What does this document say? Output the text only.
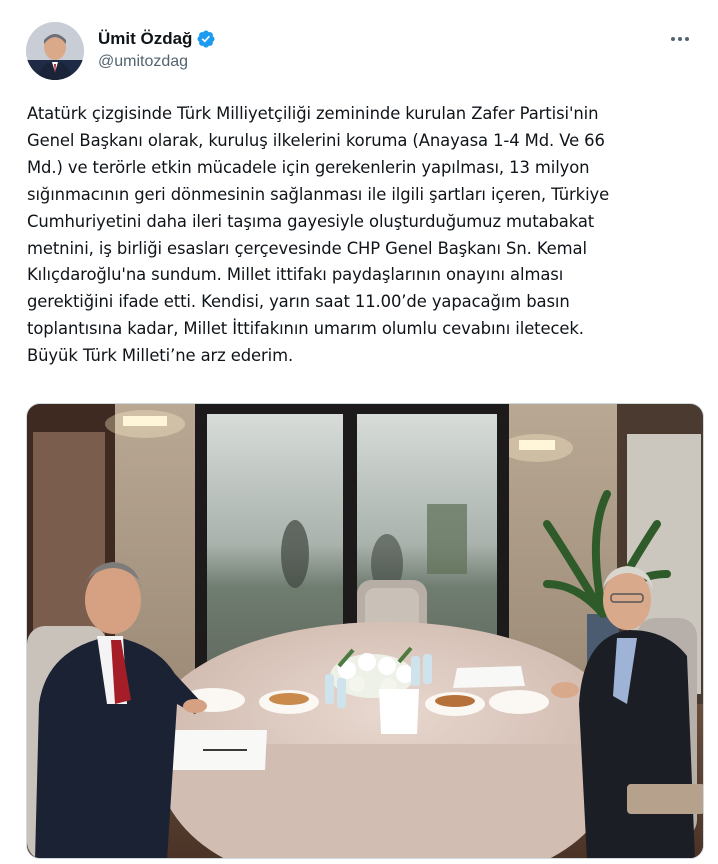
Ümit Özdağ
@umitozdag
Atatürk çizgisinde Türk Milliyetçiliği zemininde kurulan Zafer Partisi'nin
Genel Başkanı olarak, kuruluş ilkelerini koruma (Anayasa 1-4 Md. Ve 66
Md.) ve terörle etkin mücadele için gerekenlerin yapılması, 13 milyon
sığınmacının geri dönmesinin sağlanması ile ilgili şartları içeren, Türkiye
Cumhuriyetini daha ileri taşıma gayesiyle oluşturduğumuz mutabakat
metnini, iş birliği esasları çerçevesinde CHP Genel Başkanı Sn. Kemal
Kılıçdaroğlu'na sundum. Millet ittifakı paydaşlarının onayını alması
gerektiğini ifade etti. Kendisi, yarın saat 11.00’de yapacağım basın
toplantısına kadar, Millet İttifakının umarım olumlu cevabını iletecek.
Büyük Türk Milleti’ne arz ederim.
